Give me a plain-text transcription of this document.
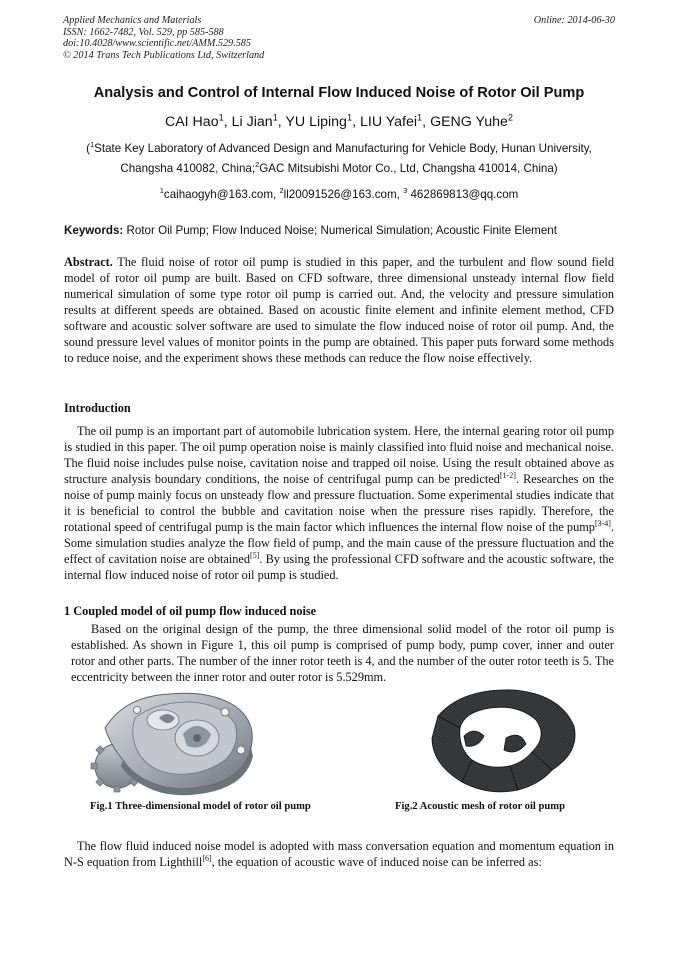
Applied Mechanics and Materials
ISSN: 1662-7482, Vol. 529, pp 585-588
doi:10.4028/www.scientific.net/AMM.529.585
© 2014 Trans Tech Publications Ltd, Switzerland
Online: 2014-06-30
Analysis and Control of Internal Flow Induced Noise of Rotor Oil Pump
CAI Hao$^1$, Li Jian$^1$, YU Liping$^1$, LIU Yafei$^1$, GENG Yuhe$^2$
($^1$State Key Laboratory of Advanced Design and Manufacturing for Vehicle Body, Hunan University,
Changsha 410082, China;$^2$GAC Mitsubishi Motor Co., Ltd, Changsha 410014, China)
$^1$caihaogyh@163.com, $^2$ll20091526@163.com, $^3$ 462869813@qq.com
Keywords: Rotor Oil Pump; Flow Induced Noise; Numerical Simulation; Acoustic Finite Element
Abstract. The fluid noise of rotor oil pump is studied in this paper, and the turbulent and flow sound field model of rotor oil pump are built. Based on CFD software, three dimensional unsteady internal flow field numerical simulation of some type rotor oil pump is carried out. And, the velocity and pressure simulation results at different speeds are obtained. Based on acoustic finite element and infinite element method, CFD software and acoustic solver software are used to simulate the flow induced noise of rotor oil pump. And, the sound pressure level values of monitor points in the pump are obtained. This paper puts forward some methods to reduce noise, and the experiment shows these methods can reduce the flow noise effectively.
Introduction
The oil pump is an important part of automobile lubrication system. Here, the internal gearing rotor oil pump is studied in this paper. The oil pump operation noise is mainly classified into fluid noise and mechanical noise. The fluid noise includes pulse noise, cavitation noise and trapped oil noise. Using the result obtained above as structure analysis boundary conditions, the noise of centrifugal pump can be predicted[1-2]. Researches on the noise of pump mainly focus on unsteady flow and pressure fluctuation. Some experimental studies indicate that it is beneficial to control the bubble and cavitation noise when the pressure rises rapidly. Therefore, the rotational speed of centrifugal pump is the main factor which influences the internal flow noise of the pump[3-4]. Some simulation studies analyze the flow field of pump, and the main cause of the pressure fluctuation and the effect of cavitation noise are obtained[5]. By using the professional CFD software and the acoustic software, the internal flow induced noise of rotor oil pump is studied.
1 Coupled model of oil pump flow induced noise
Based on the original design of the pump, the three dimensional solid model of the rotor oil pump is established. As shown in Figure 1, this oil pump is comprised of pump body, pump cover, inner and outer rotor and other parts. The number of the inner rotor teeth is 4, and the number of the outer rotor teeth is 5. The eccentricity between the inner rotor and outer rotor is 5.529mm.
Fig.1 Three-dimensional model of rotor oil pump	Fig.2 Acoustic mesh of rotor oil pump
The flow fluid induced noise model is adopted with mass conversation equation and momentum equation in N-S equation from Lighthill[6], the equation of acoustic wave of induced noise can be inferred as:
